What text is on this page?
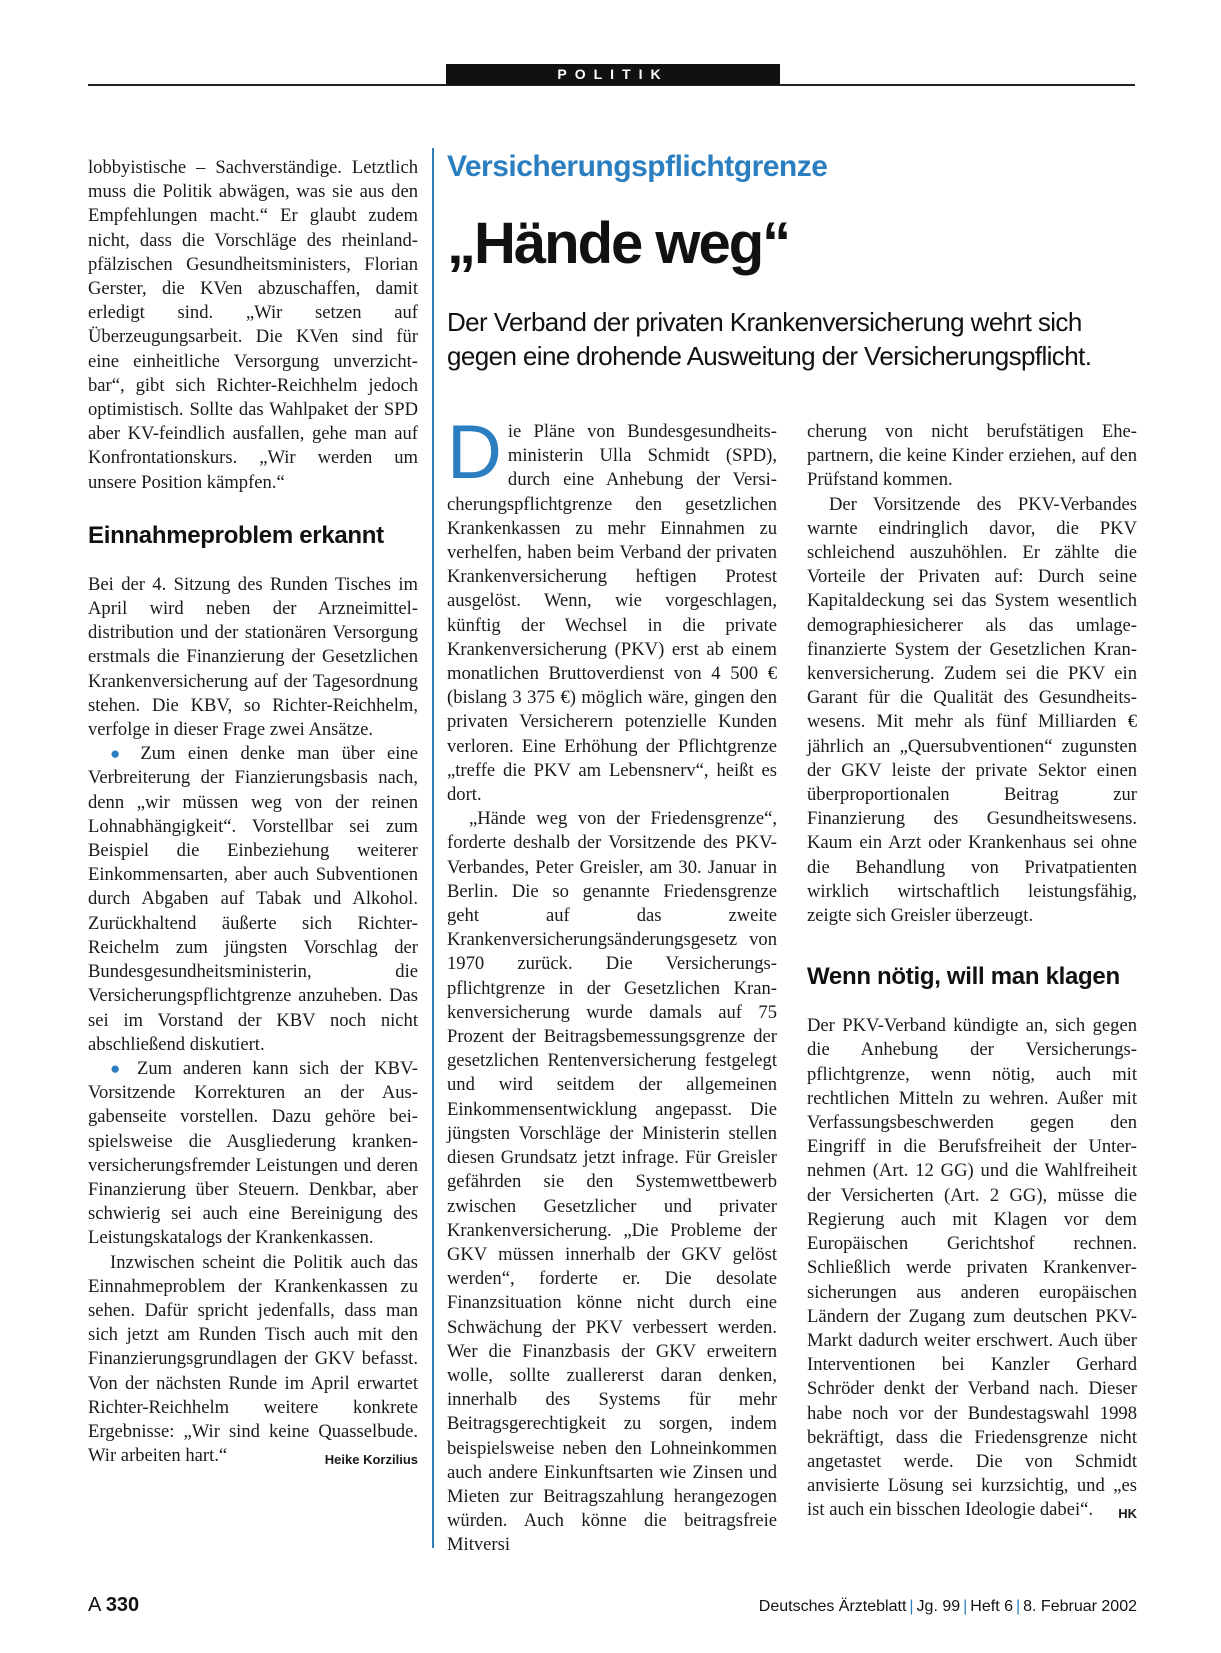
POLITIK

lobbyistische – Sachverständige. Letztlich muss die Politik abwägen, was sie aus den Empfehlungen macht.“ Er glaubt zudem nicht, dass die Vorschläge des rheinland-pfälzischen Gesundheitsministers, Florian Gerster, die KVen abzuschaffen, damit erledigt sind. „Wir setzen auf Überzeugungsarbeit. Die KVen sind für eine einheitliche Versorgung unverzichtbar“, gibt sich Richter-Reichhelm jedoch optimistisch. Sollte das Wahlpaket der SPD aber KV-feindlich ausfallen, gehe man auf Konfrontationskurs. „Wir werden um unsere Position kämpfen.“

Einnahmeproblem erkannt

Bei der 4. Sitzung des Runden Tisches im April wird neben der Arzneimitteldistribution und der stationären Versorgung erstmals die Finanzierung der Gesetzlichen Krankenversicherung auf der Tagesordnung stehen. Die KBV, so Richter-Reichhelm, verfolge in dieser Frage zwei Ansätze.

● Zum einen denke man über eine Verbreiterung der Fianzierungsbasis nach, denn „wir müssen weg von der reinen Lohnabhängigkeit“. Vorstellbar sei zum Beispiel die Einbeziehung weiterer Einkommensarten, aber auch Subventionen durch Abgaben auf Tabak und Alkohol. Zurückhaltend äußerte sich Richter-Reichelm zum jüngsten Vorschlag der Bundesgesundheitsministerin, die Versicherungspflichtgrenze anzuheben. Das sei im Vorstand der KBV noch nicht abschließend diskutiert.

● Zum anderen kann sich der KBV-Vorsitzende Korrekturen an der Ausgabenseite vorstellen. Dazu gehöre beispielsweise die Ausgliederung krankenversicherungsfremder Leistungen und deren Finanzierung über Steuern. Denkbar, aber schwierig sei auch eine Bereinigung des Leistungskatalogs der Krankenkassen.

Inzwischen scheint die Politik auch das Einnahmeproblem der Krankenkassen zu sehen. Dafür spricht jedenfalls, dass man sich jetzt am Runden Tisch auch mit den Finanzierungsgrundlagen der GKV befasst. Von der nächsten Runde im April erwartet Richter-Reichhelm weitere konkrete Ergebnisse: „Wir sind keine Quasselbude. Wir arbeiten hart.“	Heike Korzilius

Versicherungspflichtgrenze
„Hände weg“
Der Verband der privaten Krankenversicherung wehrt sich gegen eine drohende Ausweitung der Versicherungspflicht.

Die Pläne von Bundesgesundheitsministerin Ulla Schmidt (SPD), durch eine Anhebung der Versicherungspflichtgrenze den gesetzlichen Krankenkassen zu mehr Einnahmen zu verhelfen, haben beim Verband der privaten Krankenversicherung heftigen Protest ausgelöst. Wenn, wie vorgeschlagen, künftig der Wechsel in die private Krankenversicherung (PKV) erst ab einem monatlichen Bruttoverdienst von 4 500 € (bislang 3 375 €) möglich wäre, gingen den privaten Versicherern potenzielle Kunden verloren. Eine Erhöhung der Pflichtgrenze „treffe die PKV am Lebensnerv“, heißt es dort.

„Hände weg von der Friedensgrenze“, forderte deshalb der Vorsitzende des PKV-Verbandes, Peter Greisler, am 30. Januar in Berlin. Die so genannte Friedensgrenze geht auf das zweite Krankenversicherungsänderungsgesetz von 1970 zurück. Die Versicherungspflichtgrenze in der Gesetzlichen Krankenversicherung wurde damals auf 75 Prozent der Beitragsbemessungsgrenze der gesetzlichen Rentenversicherung festgelegt und wird seitdem der allgemeinen Einkommensentwicklung angepasst. Die jüngsten Vorschläge der Ministerin stellen diesen Grundsatz jetzt infrage. Für Greisler gefährden sie den Systemwettbewerb zwischen Gesetzlicher und privater Krankenversicherung. „Die Probleme der GKV müssen innerhalb der GKV gelöst werden“, forderte er. Die desolate Finanzsituation könne nicht durch eine Schwächung der PKV verbessert werden. Wer die Finanzbasis der GKV erweitern wolle, sollte zuallererst daran denken, innerhalb des Systems für mehr Beitragsgerechtigkeit zu sorgen, indem beispielsweise neben den Lohneinkommen auch andere Einkunftsarten wie Zinsen und Mieten zur Beitragszahlung herangezogen würden. Auch könne die beitragsfreie Mitversi

cherung von nicht berufstätigen Ehepartnern, die keine Kinder erziehen, auf den Prüfstand kommen.

Der Vorsitzende des PKV-Verbandes warnte eindringlich davor, die PKV schleichend auszuhöhlen. Er zählte die Vorteile der Privaten auf: Durch seine Kapitaldeckung sei das System wesentlich demographiesicherer als das umlagefinanzierte System der Gesetzlichen Krankenversicherung. Zudem sei die PKV ein Garant für die Qualität des Gesundheitswesens. Mit mehr als fünf Milliarden € jährlich an „Quersubventionen“ zugunsten der GKV leiste der private Sektor einen überproportionalen Beitrag zur Finanzierung des Gesundheitswesens. Kaum ein Arzt oder Krankenhaus sei ohne die Behandlung von Privatpatienten wirklich wirtschaftlich leistungsfähig, zeigte sich Greisler überzeugt.

Wenn nötig, will man klagen

Der PKV-Verband kündigte an, sich gegen die Anhebung der Versicherungspflichtgrenze, wenn nötig, auch mit rechtlichen Mitteln zu wehren. Außer mit Verfassungsbeschwerden gegen den Eingriff in die Berufsfreiheit der Unternehmen (Art. 12 GG) und die Wahlfreiheit der Versicherten (Art. 2 GG), müsse die Regierung auch mit Klagen vor dem Europäischen Gerichtshof rechnen. Schließlich werde privaten Krankenversicherungen aus anderen europäischen Ländern der Zugang zum deutschen PKV-Markt dadurch weiter erschwert. Auch über Interventionen bei Kanzler Gerhard Schröder denkt der Verband nach. Dieser habe noch vor der Bundestagswahl 1998 bekräftigt, dass die Friedensgrenze nicht angetastet werde. Die von Schmidt anvisierte Lösung sei kurzsichtig, und „es ist auch ein bisschen Ideologie dabei“. HK

A 330	Deutsches Ärzteblatt | Jg. 99 | Heft 6 | 8. Februar 2002
